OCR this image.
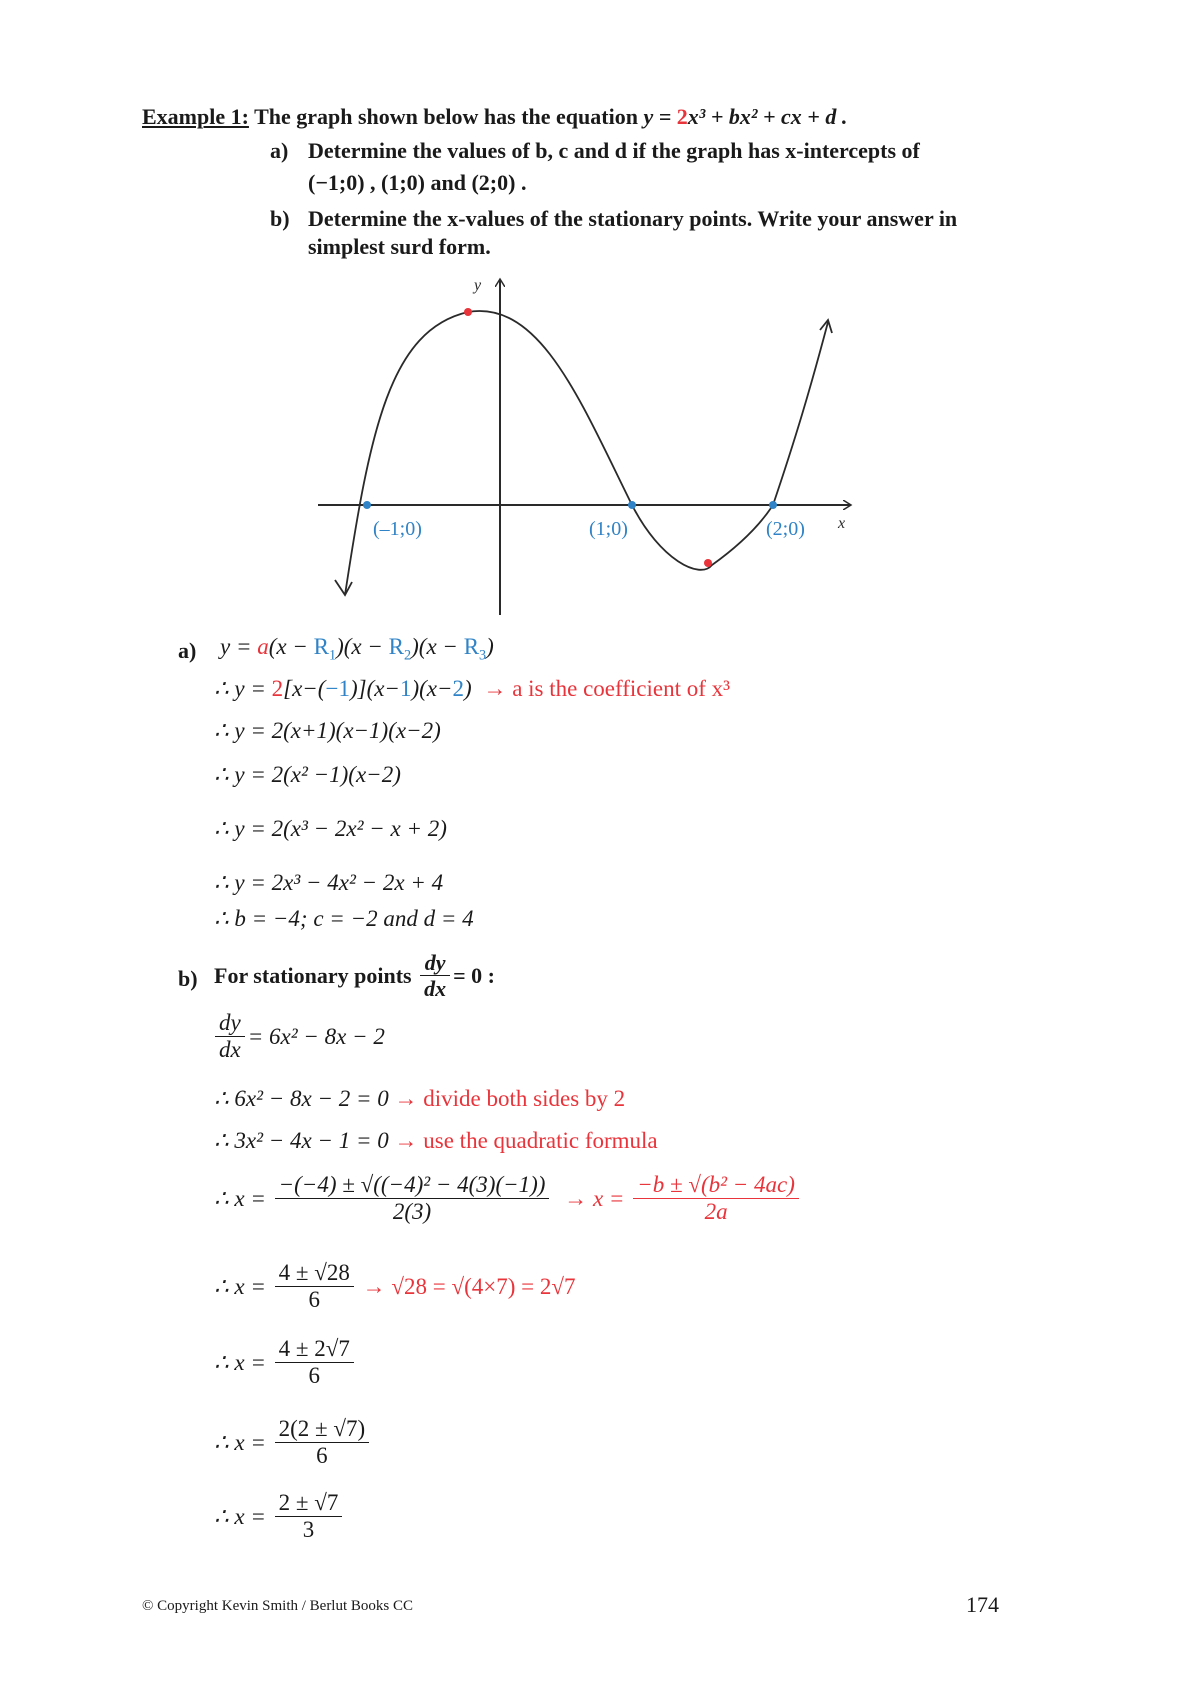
Example 1: The graph shown below has the equation y = 2x³ + bx² + cx + d .
a) Determine the values of b, c and d if the graph has x-intercepts of
(−1;0) , (1;0) and (2;0) .
b) Determine the x-values of the stationary points. Write your answer in
simplest surd form.
y
x
(–1;0)	(1;0)	(2;0)
a) $y = a(x - R_1)(x - R_2)(x - R_3)$
∴ y = 2[x−(−1)](x−1)(x−2) → a is the coefficient of x³
∴ y = 2(x+1)(x−1)(x−2)
∴ y = 2(x² −1)(x−2)
∴ y = 2(x³ − 2x² − x + 2)
∴ y = 2x³ − 4x² − 2x + 4
∴ b = −4; c = −2 and d = 4
b) For stationary points $\frac{dy}{dx} = 0$ :
$\frac{dy}{dx} = 6x^2 - 8x - 2$
∴ 6x² − 8x − 2 = 0 → divide both sides by 2
∴ 3x² − 4x − 1 = 0 → use the quadratic formula
∴ $x = \frac{\text{−(−4) ± √((−4)² − 4(3)(−1))}}{2(3)} \to x = \frac{\text{−b ± √(b² − 4ac)}}{2a}$
∴ $x = \frac{4 \pm √28}{6} \to √28 = √(4\times 7) = 2√7$
∴ $x = \frac{4 \pm 2√7}{6}$
∴ $x = \frac{2(2 \pm √7)}{6}$
∴ $x = \frac{2 \pm √7}{3}$
© Copyright Kevin Smith / Berlut Books CC	174
